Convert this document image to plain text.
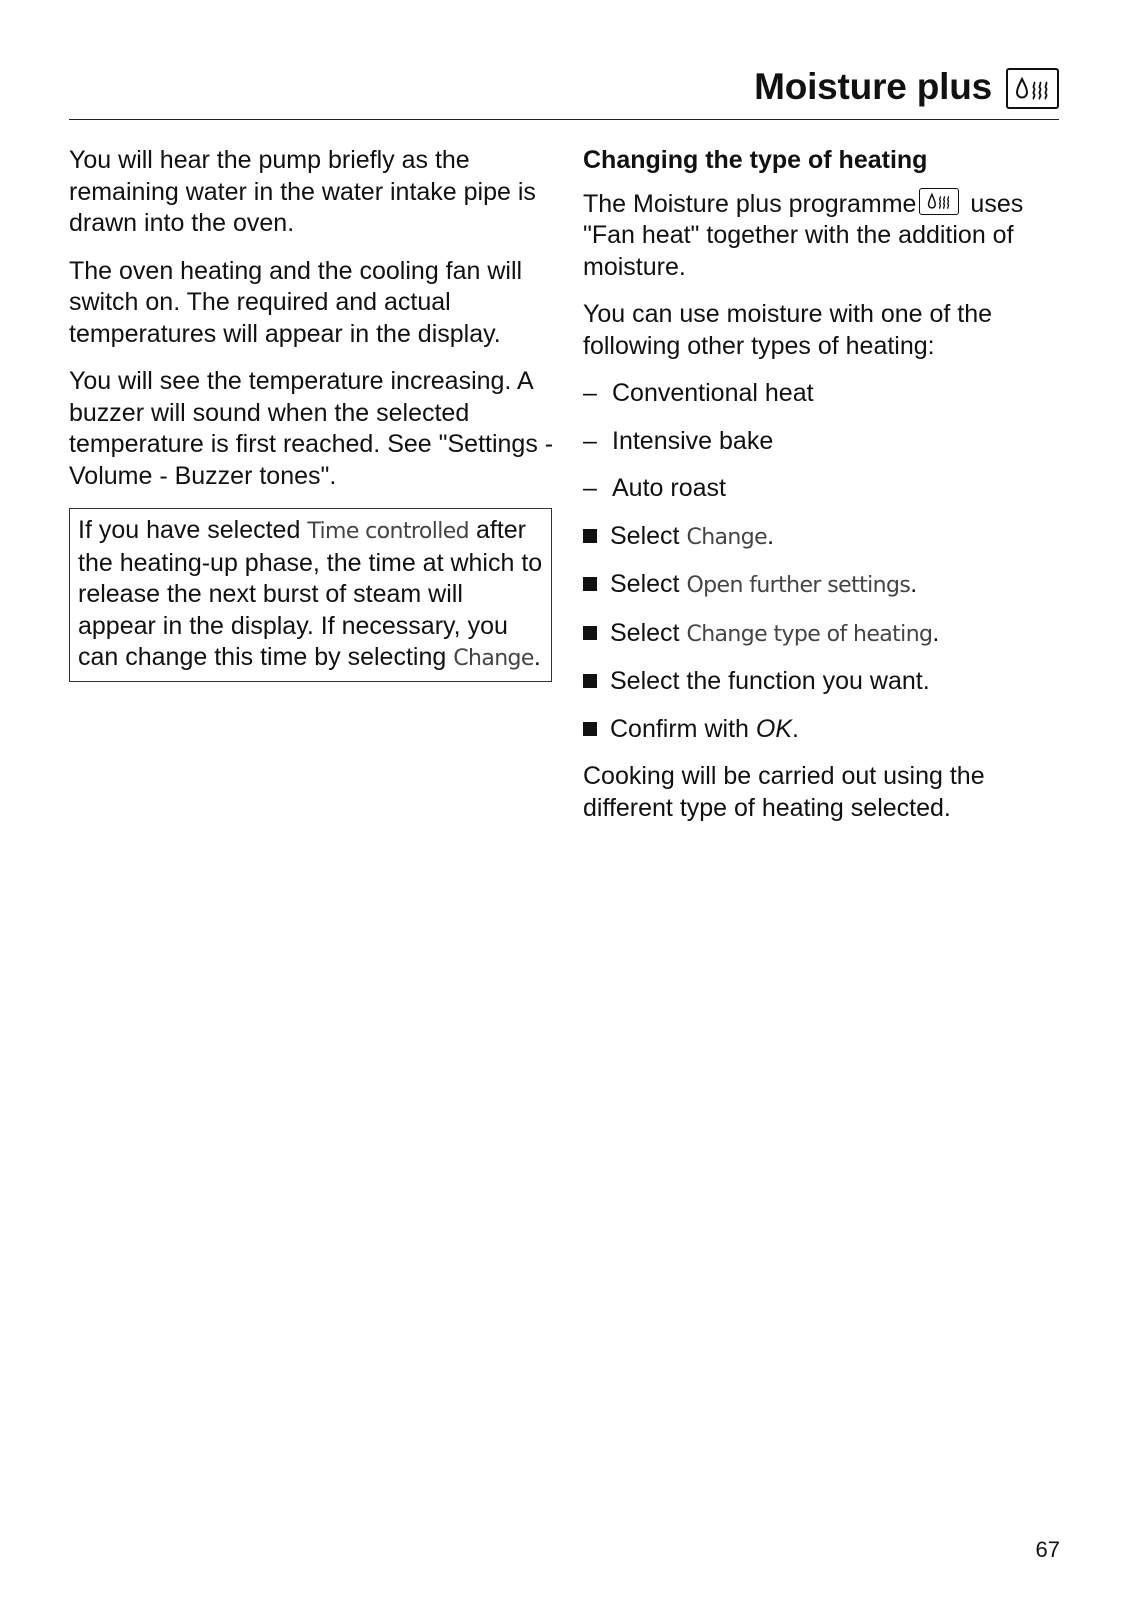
Moisture plus

You will hear the pump briefly as the remaining water in the water intake pipe is drawn into the oven.

The oven heating and the cooling fan will switch on. The required and actual temperatures will appear in the display.

You will see the temperature increasing. A buzzer will sound when the selected temperature is first reached. See "Settings - Volume - Buzzer tones".

If you have selected Time controlled after the heating-up phase, the time at which to release the next burst of steam will appear in the display. If necessary, you can change this time by selecting Change.

Changing the type of heating

The Moisture plus programme
uses "Fan heat" together with the addition of moisture.

You can use moisture with one of the following other types of heating:

– Conventional heat
– Intensive bake
– Auto roast
Select Change.
Select Open further settings.
Select Change type of heating.
Select the function you want.
Confirm with OK.

Cooking will be carried out using the different type of heating selected.

67
